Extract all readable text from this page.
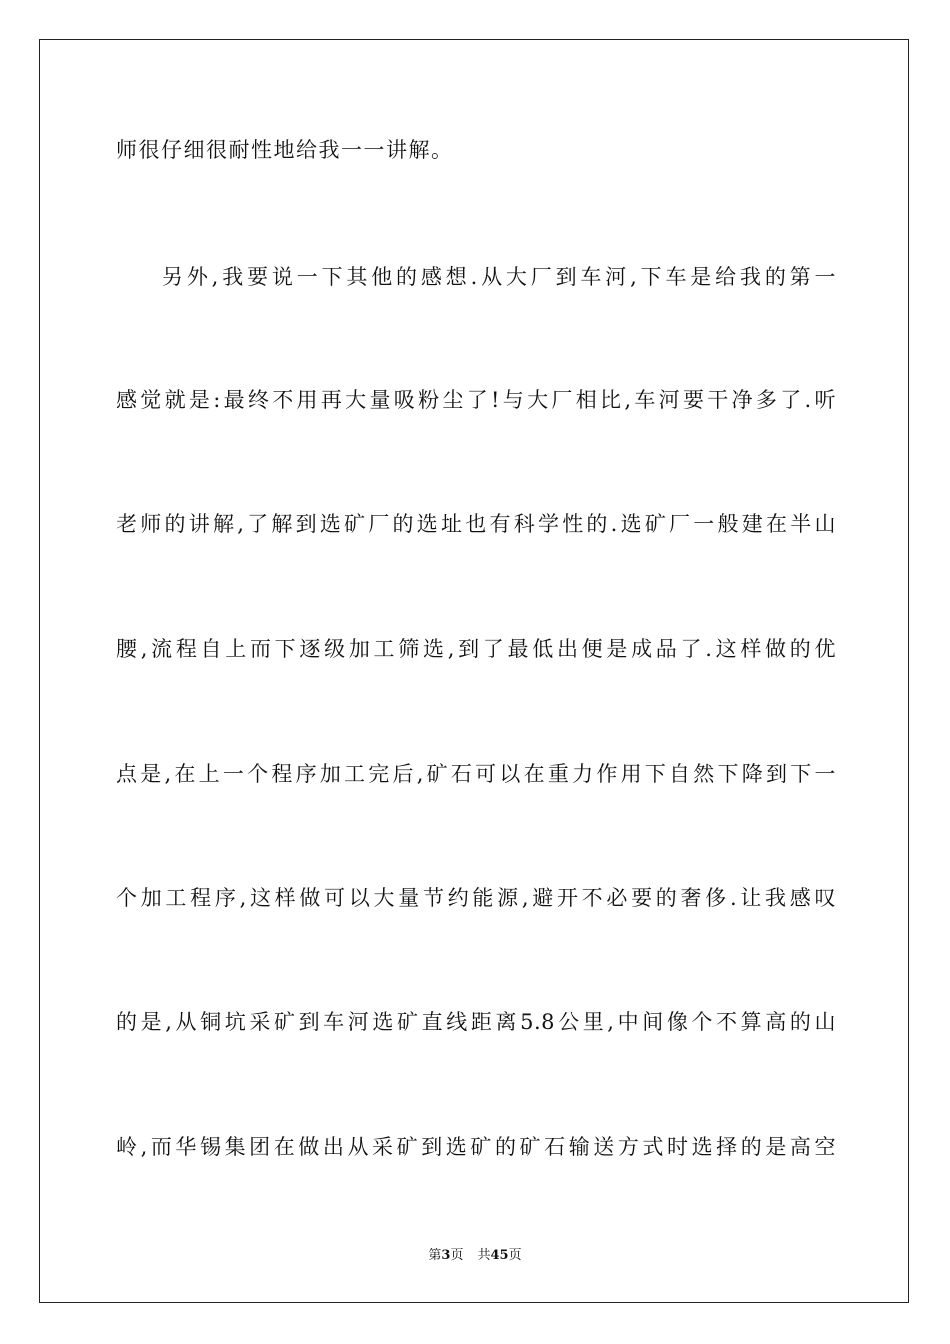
师很仔细很耐性地给我一一讲解。
另外,我要说一下其他的感想.从大厂到车河,下车是给我的第一
感觉就是:最终不用再大量吸粉尘了!与大厂相比,车河要干净多了.听
老师的讲解,了解到选矿厂的选址也有科学性的.选矿厂一般建在半山
腰,流程自上而下逐级加工筛选,到了最低出便是成品了.这样做的优
点是,在上一个程序加工完后,矿石可以在重力作用下自然下降到下一
个加工程序,这样做可以大量节约能源,避开不必要的奢侈.让我感叹
的是,从铜坑采矿到车河选矿直线距离5.8公里,中间像个不算高的山
岭,而华锡集团在做出从采矿到选矿的矿石输送方式时选择的是高空
第3页 共45页
